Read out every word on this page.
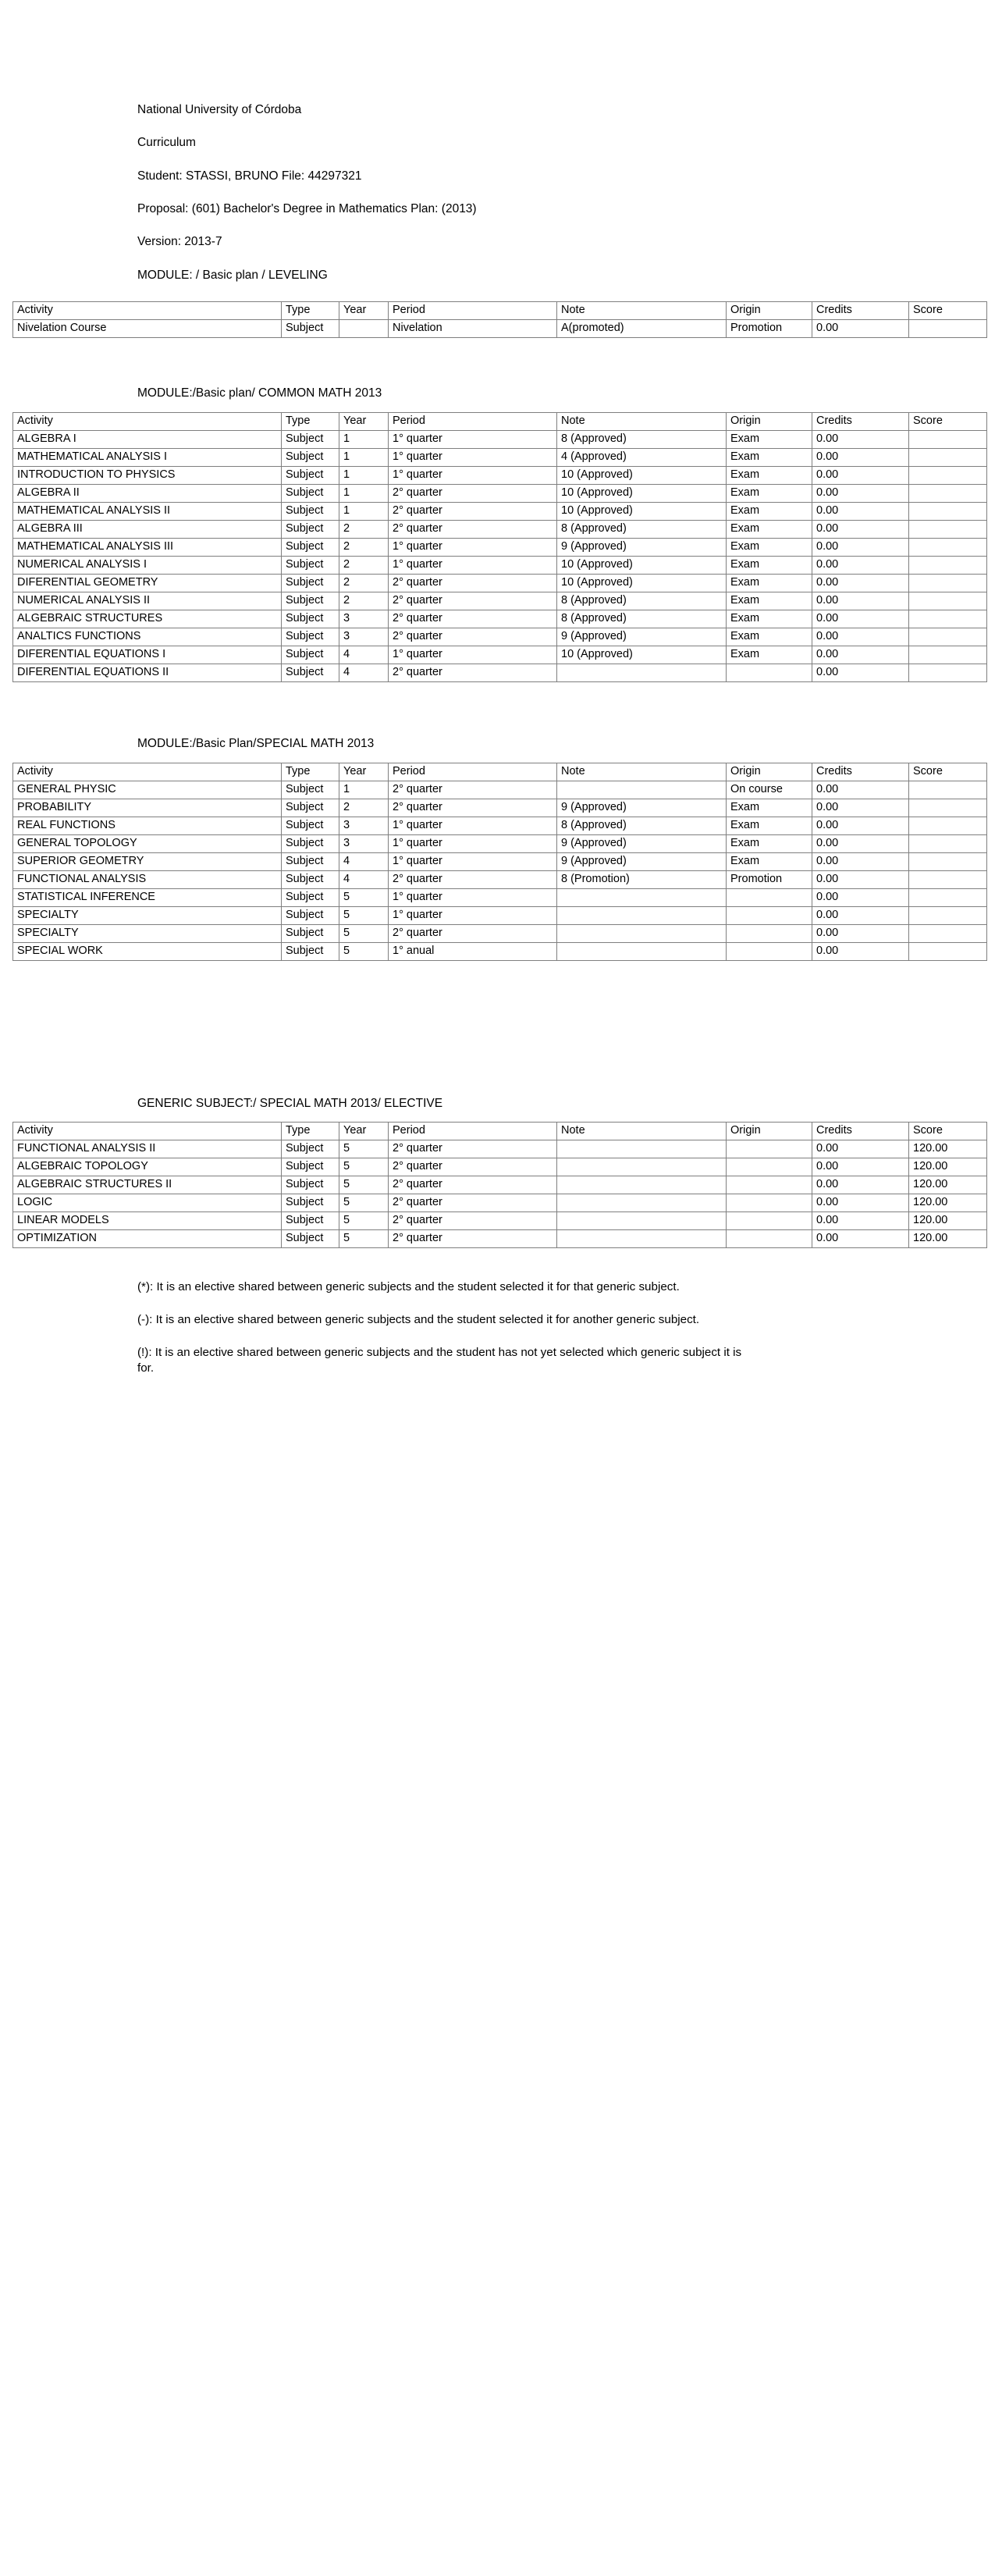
National University of Córdoba

Curriculum

Student: STASSI, BRUNO File: 44297321

Proposal: (601) Bachelor's Degree in Mathematics Plan: (2013)

Version: 2013-7

MODULE: / Basic plan / LEVELING

Activity	Type	Year	Period	Note	Origin	Credits	Score
Nivelation Course	Subject		Nivelation	A(promoted)	Promotion	0.00	

MODULE:/Basic plan/ COMMON MATH 2013

Activity	Type	Year	Period	Note	Origin	Credits	Score
ALGEBRA I	Subject	1	1° quarter	8 (Approved)	Exam	0.00	
MATHEMATICAL ANALYSIS I	Subject	1	1° quarter	4 (Approved)	Exam	0.00	
INTRODUCTION TO PHYSICS	Subject	1	1° quarter	10 (Approved)	Exam	0.00	
ALGEBRA II	Subject	1	2° quarter	10 (Approved)	Exam	0.00	
MATHEMATICAL ANALYSIS II	Subject	1	2° quarter	10 (Approved)	Exam	0.00	
ALGEBRA III	Subject	2	2° quarter	8 (Approved)	Exam	0.00	
MATHEMATICAL ANALYSIS III	Subject	2	1° quarter	9 (Approved)	Exam	0.00	
NUMERICAL ANALYSIS I	Subject	2	1° quarter	10 (Approved)	Exam	0.00	
DIFERENTIAL GEOMETRY	Subject	2	2° quarter	10 (Approved)	Exam	0.00	
NUMERICAL ANALYSIS II	Subject	2	2° quarter	8 (Approved)	Exam	0.00	
ALGEBRAIC STRUCTURES	Subject	3	2° quarter	8 (Approved)	Exam	0.00	
ANALTICS FUNCTIONS	Subject	3	2° quarter	9 (Approved)	Exam	0.00	
DIFERENTIAL EQUATIONS I	Subject	4	1° quarter	10 (Approved)	Exam	0.00	
DIFERENTIAL EQUATIONS II	Subject	4	2° quarter			0.00	

MODULE:/Basic Plan/SPECIAL MATH 2013

Activity	Type	Year	Period	Note	Origin	Credits	Score
GENERAL PHYSIC	Subject	1	2° quarter		On course	0.00	
PROBABILITY	Subject	2	2° quarter	9 (Approved)	Exam	0.00	
REAL FUNCTIONS	Subject	3	1° quarter	8 (Approved)	Exam	0.00	
GENERAL TOPOLOGY	Subject	3	1° quarter	9 (Approved)	Exam	0.00	
SUPERIOR GEOMETRY	Subject	4	1° quarter	9 (Approved)	Exam	0.00	
FUNCTIONAL ANALYSIS	Subject	4	2° quarter	8 (Promotion)	Promotion	0.00	
STATISTICAL INFERENCE	Subject	5	1° quarter			0.00	
SPECIALTY	Subject	5	1° quarter			0.00	
SPECIALTY	Subject	5	2° quarter			0.00	
SPECIAL WORK	Subject	5	1° anual			0.00	

GENERIC SUBJECT:/ SPECIAL MATH 2013/ ELECTIVE

Activity	Type	Year	Period	Note	Origin	Credits	Score
FUNCTIONAL ANALYSIS II	Subject	5	2° quarter			0.00	120.00
ALGEBRAIC TOPOLOGY	Subject	5	2° quarter			0.00	120.00
ALGEBRAIC STRUCTURES II	Subject	5	2° quarter			0.00	120.00
LOGIC	Subject	5	2° quarter			0.00	120.00
LINEAR MODELS	Subject	5	2° quarter			0.00	120.00
OPTIMIZATION	Subject	5	2° quarter			0.00	120.00

(*): It is an elective shared between generic subjects and the student selected it for that generic subject.

(-): It is an elective shared between generic subjects and the student selected it for another generic subject.

(!): It is an elective shared between generic subjects and the student has not yet selected which generic subject it is for.
